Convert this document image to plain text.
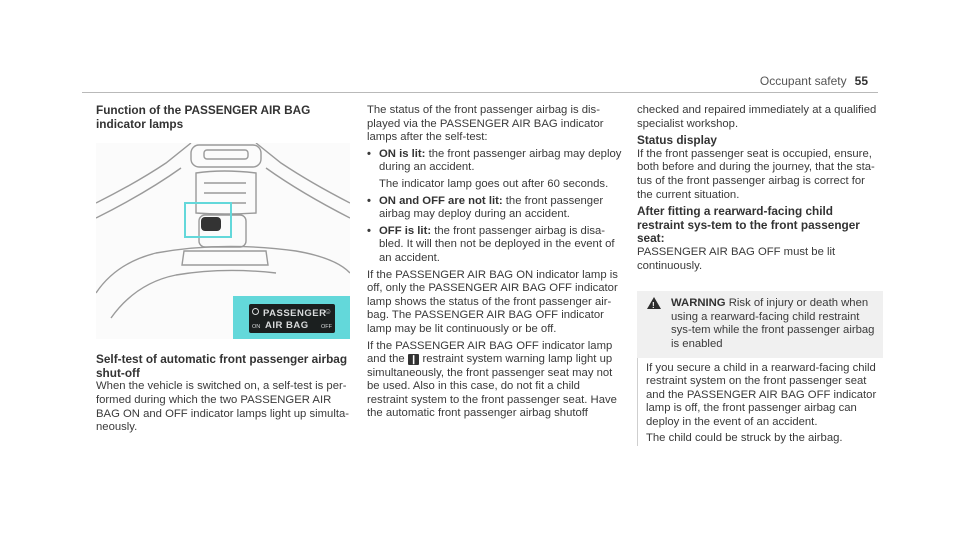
Occupant safety 55
Function of the PASSENGER AIR BAG indicator lamps
☺
PASSENGER
AIR BAG
ON	OFF
Self-test of automatic front passenger airbag shut-off

When the vehicle is switched on, a self-test is per-formed during which the two PASSENGER AIR BAG ON and OFF indicator lamps light up simulta-neously.

The status of the front passenger airbag is dis-played via the PASSENGER AIR BAG indicator lamps after the self-test:

• ON is lit: the front passenger airbag may deploy during an accident.
The indicator lamp goes out after 60 seconds.
• ON and OFF are not lit: the front passenger airbag may deploy during an accident.
• OFF is lit: the front passenger airbag is disa-bled. It will then not be deployed in the event of an accident.

If the PASSENGER AIR BAG ON indicator lamp is off, only the PASSENGER AIR BAG OFF indicator lamp shows the status of the front passenger air-bag. The PASSENGER AIR BAG OFF indicator lamp may be lit continuously or be off.

If the PASSENGER AIR BAG OFF indicator lamp and the ❙ restraint system warning lamp light up simultaneously, the front passenger seat may not be used. Also in this case, do not fit a child restraint system to the front passenger seat. Have the automatic front passenger airbag shutoff

checked and repaired immediately at a qualified specialist workshop.

Status display

If the front passenger seat is occupied, ensure, both before and during the journey, that the sta-tus of the front passenger airbag is correct for the current situation.

After fitting a rearward-facing child restraint sys-tem to the front passenger seat:

PASSENGER AIR BAG OFF must be lit continuously.

! WARNING Risk of injury or death when using a rearward-facing child restraint sys-tem while the front passenger airbag is enabled

If you secure a child in a rearward-facing child restraint system on the front passenger seat and the PASSENGER AIR BAG OFF indicator lamp is off, the front passenger airbag can deploy in the event of an accident.

The child could be struck by the airbag.
